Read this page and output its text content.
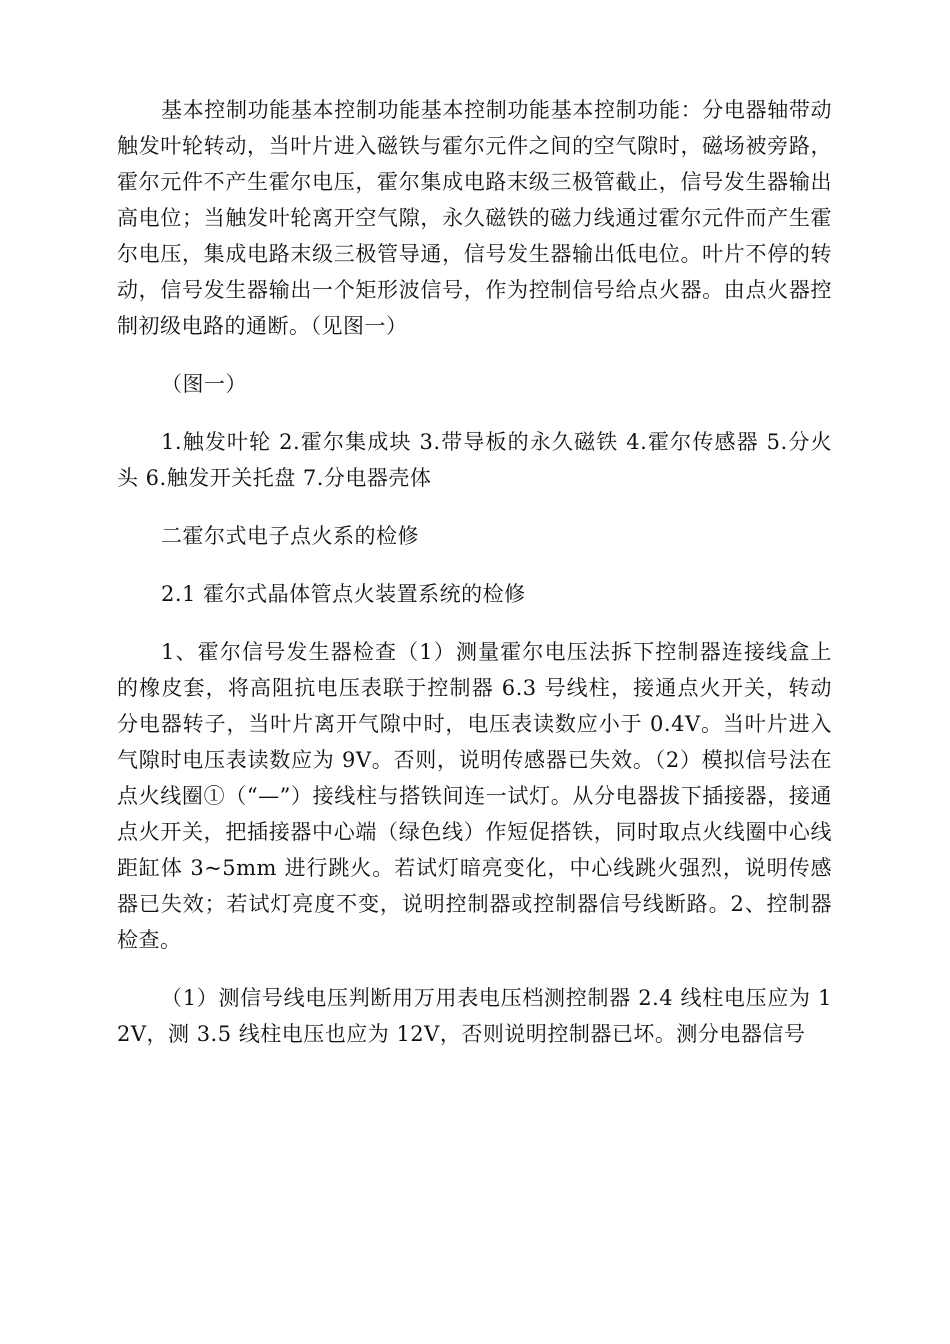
基本控制功能基本控制功能基本控制功能基本控制功能：分电器轴带动触发叶轮转动，当叶片进入磁铁与霍尔元件之间的空气隙时，磁场被旁路，霍尔元件不产生霍尔电压，霍尔集成电路末级三极管截止，信号发生器输出高电位；当触发叶轮离开空气隙，永久磁铁的磁力线通过霍尔元件而产生霍尔电压，集成电路末级三极管导通，信号发生器输出低电位。叶片不停的转动，信号发生器输出一个矩形波信号，作为控制信号给点火器。由点火器控制初级电路的通断。（见图一）

（图一）

1.触发叶轮 2.霍尔集成块 3.带导板的永久磁铁 4.霍尔传感器 5.分火头 6.触发开关托盘 7.分电器壳体

二霍尔式电子点火系的检修

2.1 霍尔式晶体管点火装置系统的检修

1、霍尔信号发生器检查（1）测量霍尔电压法拆下控制器连接线盒上的橡皮套，将高阻抗电压表联于控制器 6.3 号线柱，接通点火开关，转动分电器转子，当叶片离开气隙中时，电压表读数应小于 0.4V。当叶片进入气隙时电压表读数应为 9V。否则，说明传感器已失效。（2）模拟信号法在点火线圈①（“—”）接线柱与搭铁间连一试灯。从分电器拔下插接器，接通点火开关，把插接器中心端（绿色线）作短促搭铁，同时取点火线圈中心线距缸体 3~5mm 进行跳火。若试灯暗亮变化，中心线跳火强烈，说明传感器已失效；若试灯亮度不变，说明控制器或控制器信号线断路。2、控制器检查。

（1）测信号线电压判断用万用表电压档测控制器 2.4 线柱电压应为 12V，测 3.5 线柱电压也应为 12V，否则说明控制器已坏。测分电器信号
